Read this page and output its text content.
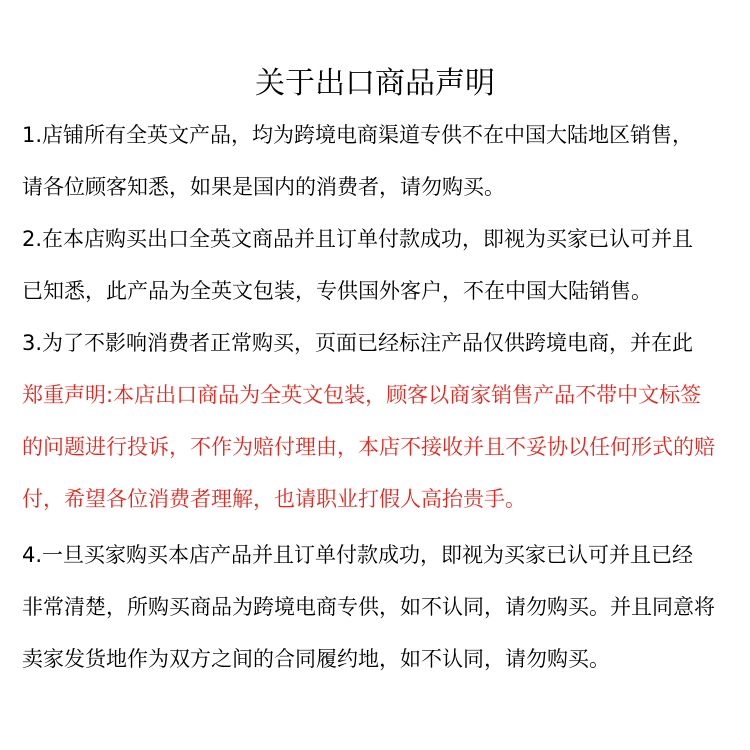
关于出口商品声明
1.店铺所有全英文产品，均为跨境电商渠道专供不在中国大陆地区销售，
请各位顾客知悉，如果是国内的消费者，请勿购买。
2.在本店购买出口全英文商品并且订单付款成功，即视为买家已认可并且
已知悉，此产品为全英文包装，专供国外客户，不在中国大陆销售。
3.为了不影响消费者正常购买，页面已经标注产品仅供跨境电商，并在此
郑重声明:本店出口商品为全英文包装，顾客以商家销售产品不带中文标签
的问题进行投诉，不作为赔付理由，本店不接收并且不妥协以任何形式的赔
付，希望各位消费者理解，也请职业打假人高抬贵手。
4.一旦买家购买本店产品并且订单付款成功，即视为买家已认可并且已经
非常清楚，所购买商品为跨境电商专供，如不认同，请勿购买。并且同意将
卖家发货地作为双方之间的合同履约地，如不认同，请勿购买。
